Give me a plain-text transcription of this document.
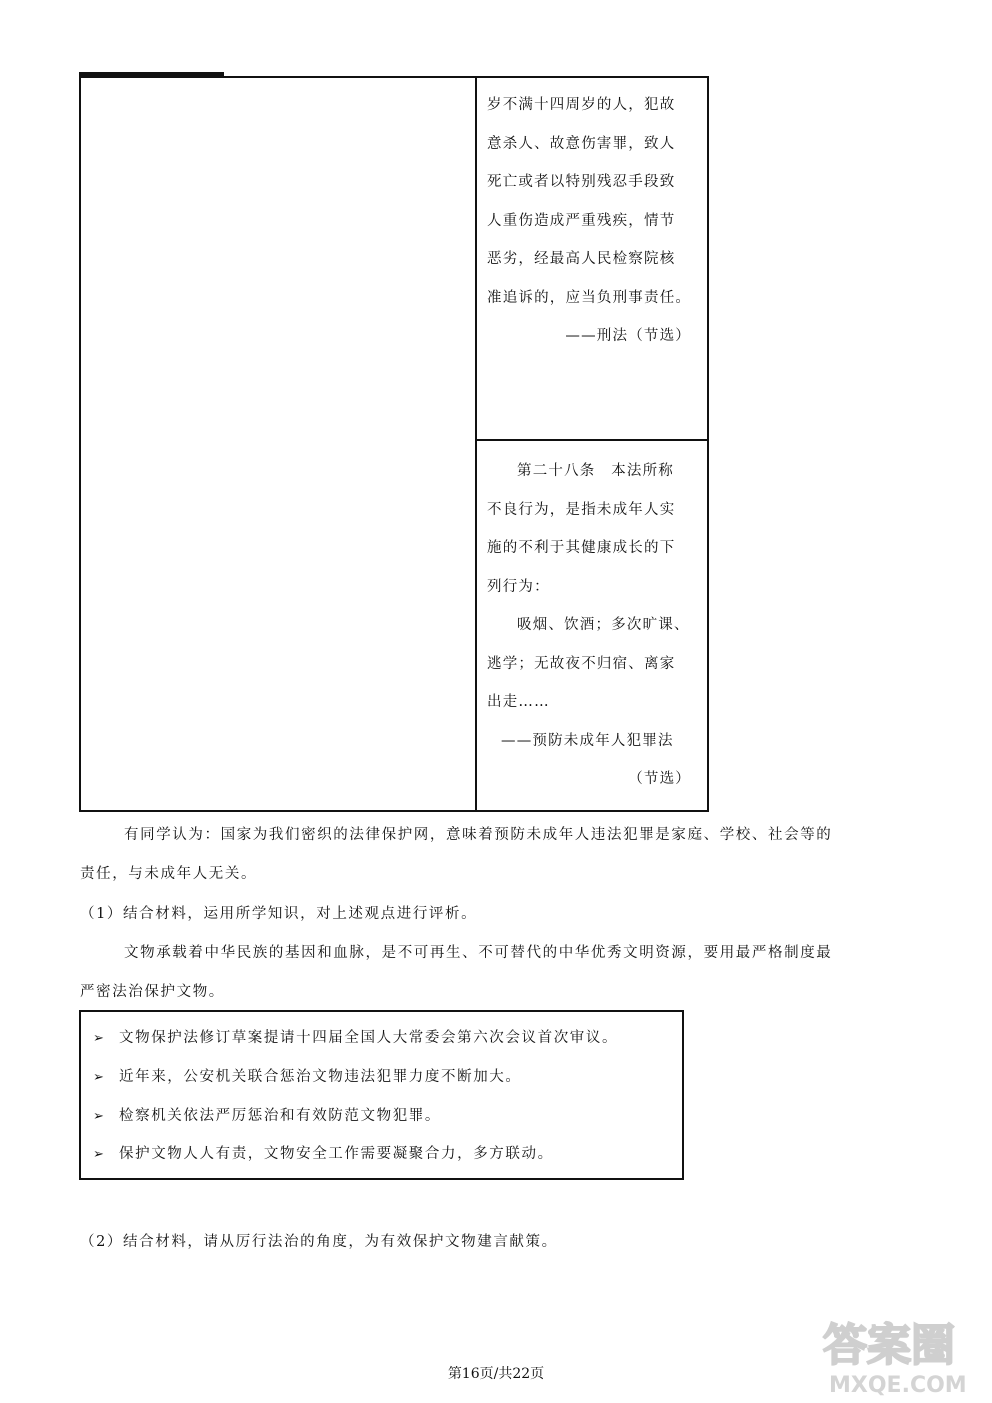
岁不满十四周岁的人，犯故
意杀人、故意伤害罪，致人
死亡或者以特别残忍手段致
人重伤造成严重残疾，情节
恶劣，经最高人民检察院核
准追诉的，应当负刑事责任。
——刑法（节选）
第二十八条　本法所称
不良行为，是指未成年人实
施的不利于其健康成长的下
列行为：
吸烟、饮酒；多次旷课、
逃学；无故夜不归宿、离家
出走……
——预防未成年人犯罪法
（节选）
有同学认为：国家为我们密织的法律保护网，意味着预防未成年人违法犯罪是家庭、学校、社会等的
责任，与未成年人无关。
（1）结合材料，运用所学知识，对上述观点进行评析。
文物承载着中华民族的基因和血脉，是不可再生、不可替代的中华优秀文明资源，要用最严格制度最
严密法治保护文物。
➢ 文物保护法修订草案提请十四届全国人大常委会第六次会议首次审议。
➢ 近年来，公安机关联合惩治文物违法犯罪力度不断加大。
➢ 检察机关依法严厉惩治和有效防范文物犯罪。
➢ 保护文物人人有责，文物安全工作需要凝聚合力，多方联动。
（2）结合材料，请从厉行法治的角度，为有效保护文物建言献策。
第16页/共22页
答案圈
MXQE.COM
